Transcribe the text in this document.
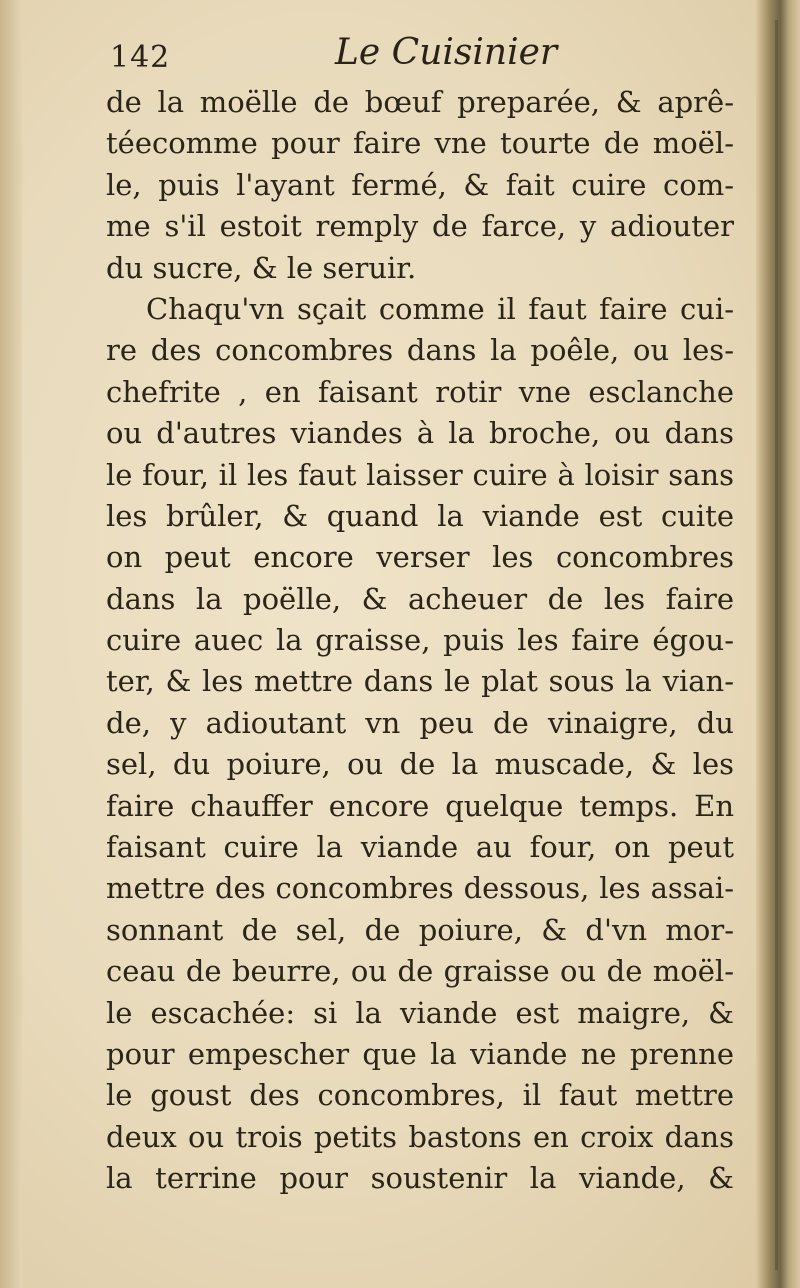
142	Le Cuisinier
de la moëlle de bœuf preparée, & aprê-
téecomme pour faire vne tourte de moël-
le, puis l'ayant fermé, & fait cuire com-
me s'il estoit remply de farce, y adiouter
du sucre, & le seruir.
Chaqu'vn sçait comme il faut faire cui-
re des concombres dans la poêle, ou les-
chefrite , en faisant rotir vne esclanche
ou d'autres viandes à la broche, ou dans
le four, il les faut laisser cuire à loisir sans
les brûler, & quand la viande est cuite
on peut encore verser les concombres
dans la poëlle, & acheuer de les faire
cuire auec la graisse, puis les faire égou-
ter, & les mettre dans le plat sous la vian-
de, y adioutant vn peu de vinaigre, du
sel, du poiure, ou de la muscade, & les
faire chauffer encore quelque temps. En
faisant cuire la viande au four, on peut
mettre des concombres dessous, les assai-
sonnant de sel, de poiure, & d'vn mor-
ceau de beurre, ou de graisse ou de moël-
le escachée: si la viande est maigre, &
pour empescher que la viande ne prenne
le goust des concombres, il faut mettre
deux ou trois petits bastons en croix dans
la terrine pour soustenir la viande, &
